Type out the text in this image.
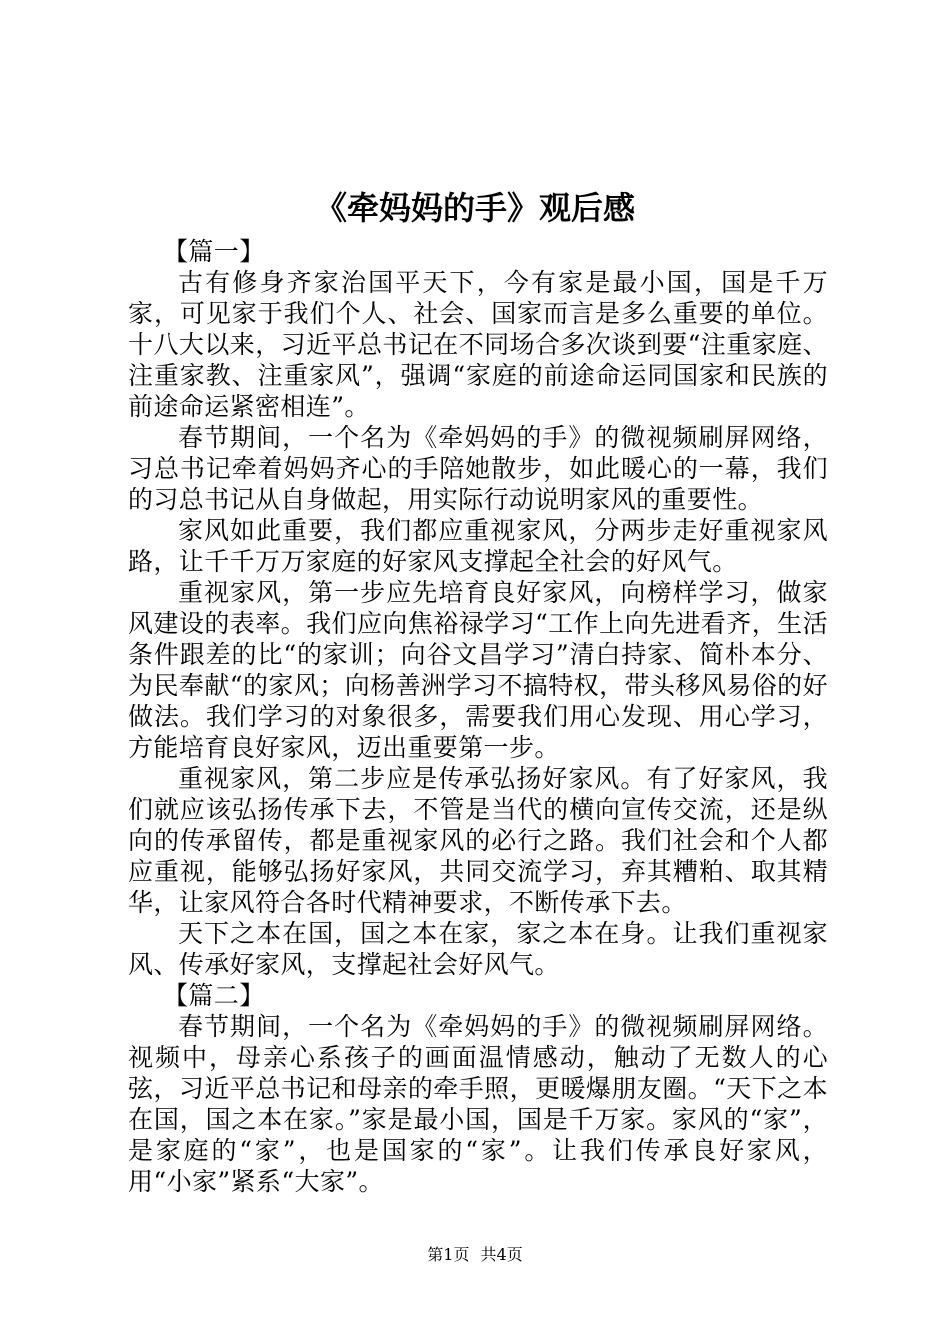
《牵妈妈的手》观后感

【篇一】

古有修身齐家治国平天下，今有家是最小国，国是千万家，可见家于我们个人、社会、国家而言是多么重要的单位。十八大以来，习近平总书记在不同场合多次谈到要“注重家庭、注重家教、注重家风”，强调“家庭的前途命运同国家和民族的前途命运紧密相连”。

春节期间，一个名为《牵妈妈的手》的微视频刷屏网络，习总书记牵着妈妈齐心的手陪她散步，如此暖心的一幕，我们的习总书记从自身做起，用实际行动说明家风的重要性。

家风如此重要，我们都应重视家风，分两步走好重视家风路，让千千万万家庭的好家风支撑起全社会的好风气。

重视家风，第一步应先培育良好家风，向榜样学习，做家风建设的表率。我们应向焦裕禄学习“工作上向先进看齐，生活条件跟差的比“的家训；向谷文昌学习”清白持家、简朴本分、为民奉献“的家风；向杨善洲学习不搞特权，带头移风易俗的好做法。我们学习的对象很多，需要我们用心发现、用心学习，方能培育良好家风，迈出重要第一步。

重视家风，第二步应是传承弘扬好家风。有了好家风，我们就应该弘扬传承下去，不管是当代的横向宣传交流，还是纵向的传承留传，都是重视家风的必行之路。我们社会和个人都应重视，能够弘扬好家风，共同交流学习，弃其糟粕、取其精华，让家风符合各时代精神要求，不断传承下去。

天下之本在国，国之本在家，家之本在身。让我们重视家风、传承好家风，支撑起社会好风气。

【篇二】

春节期间，一个名为《牵妈妈的手》的微视频刷屏网络。视频中，母亲心系孩子的画面温情感动，触动了无数人的心弦，习近平总书记和母亲的牵手照，更暖爆朋友圈。“天下之本在国，国之本在家。”家是最小国，国是千万家。家风的“家”，是家庭的“家”，也是国家的“家”。让我们传承良好家风，用“小家”紧系“大家”。

第1页 共4页
